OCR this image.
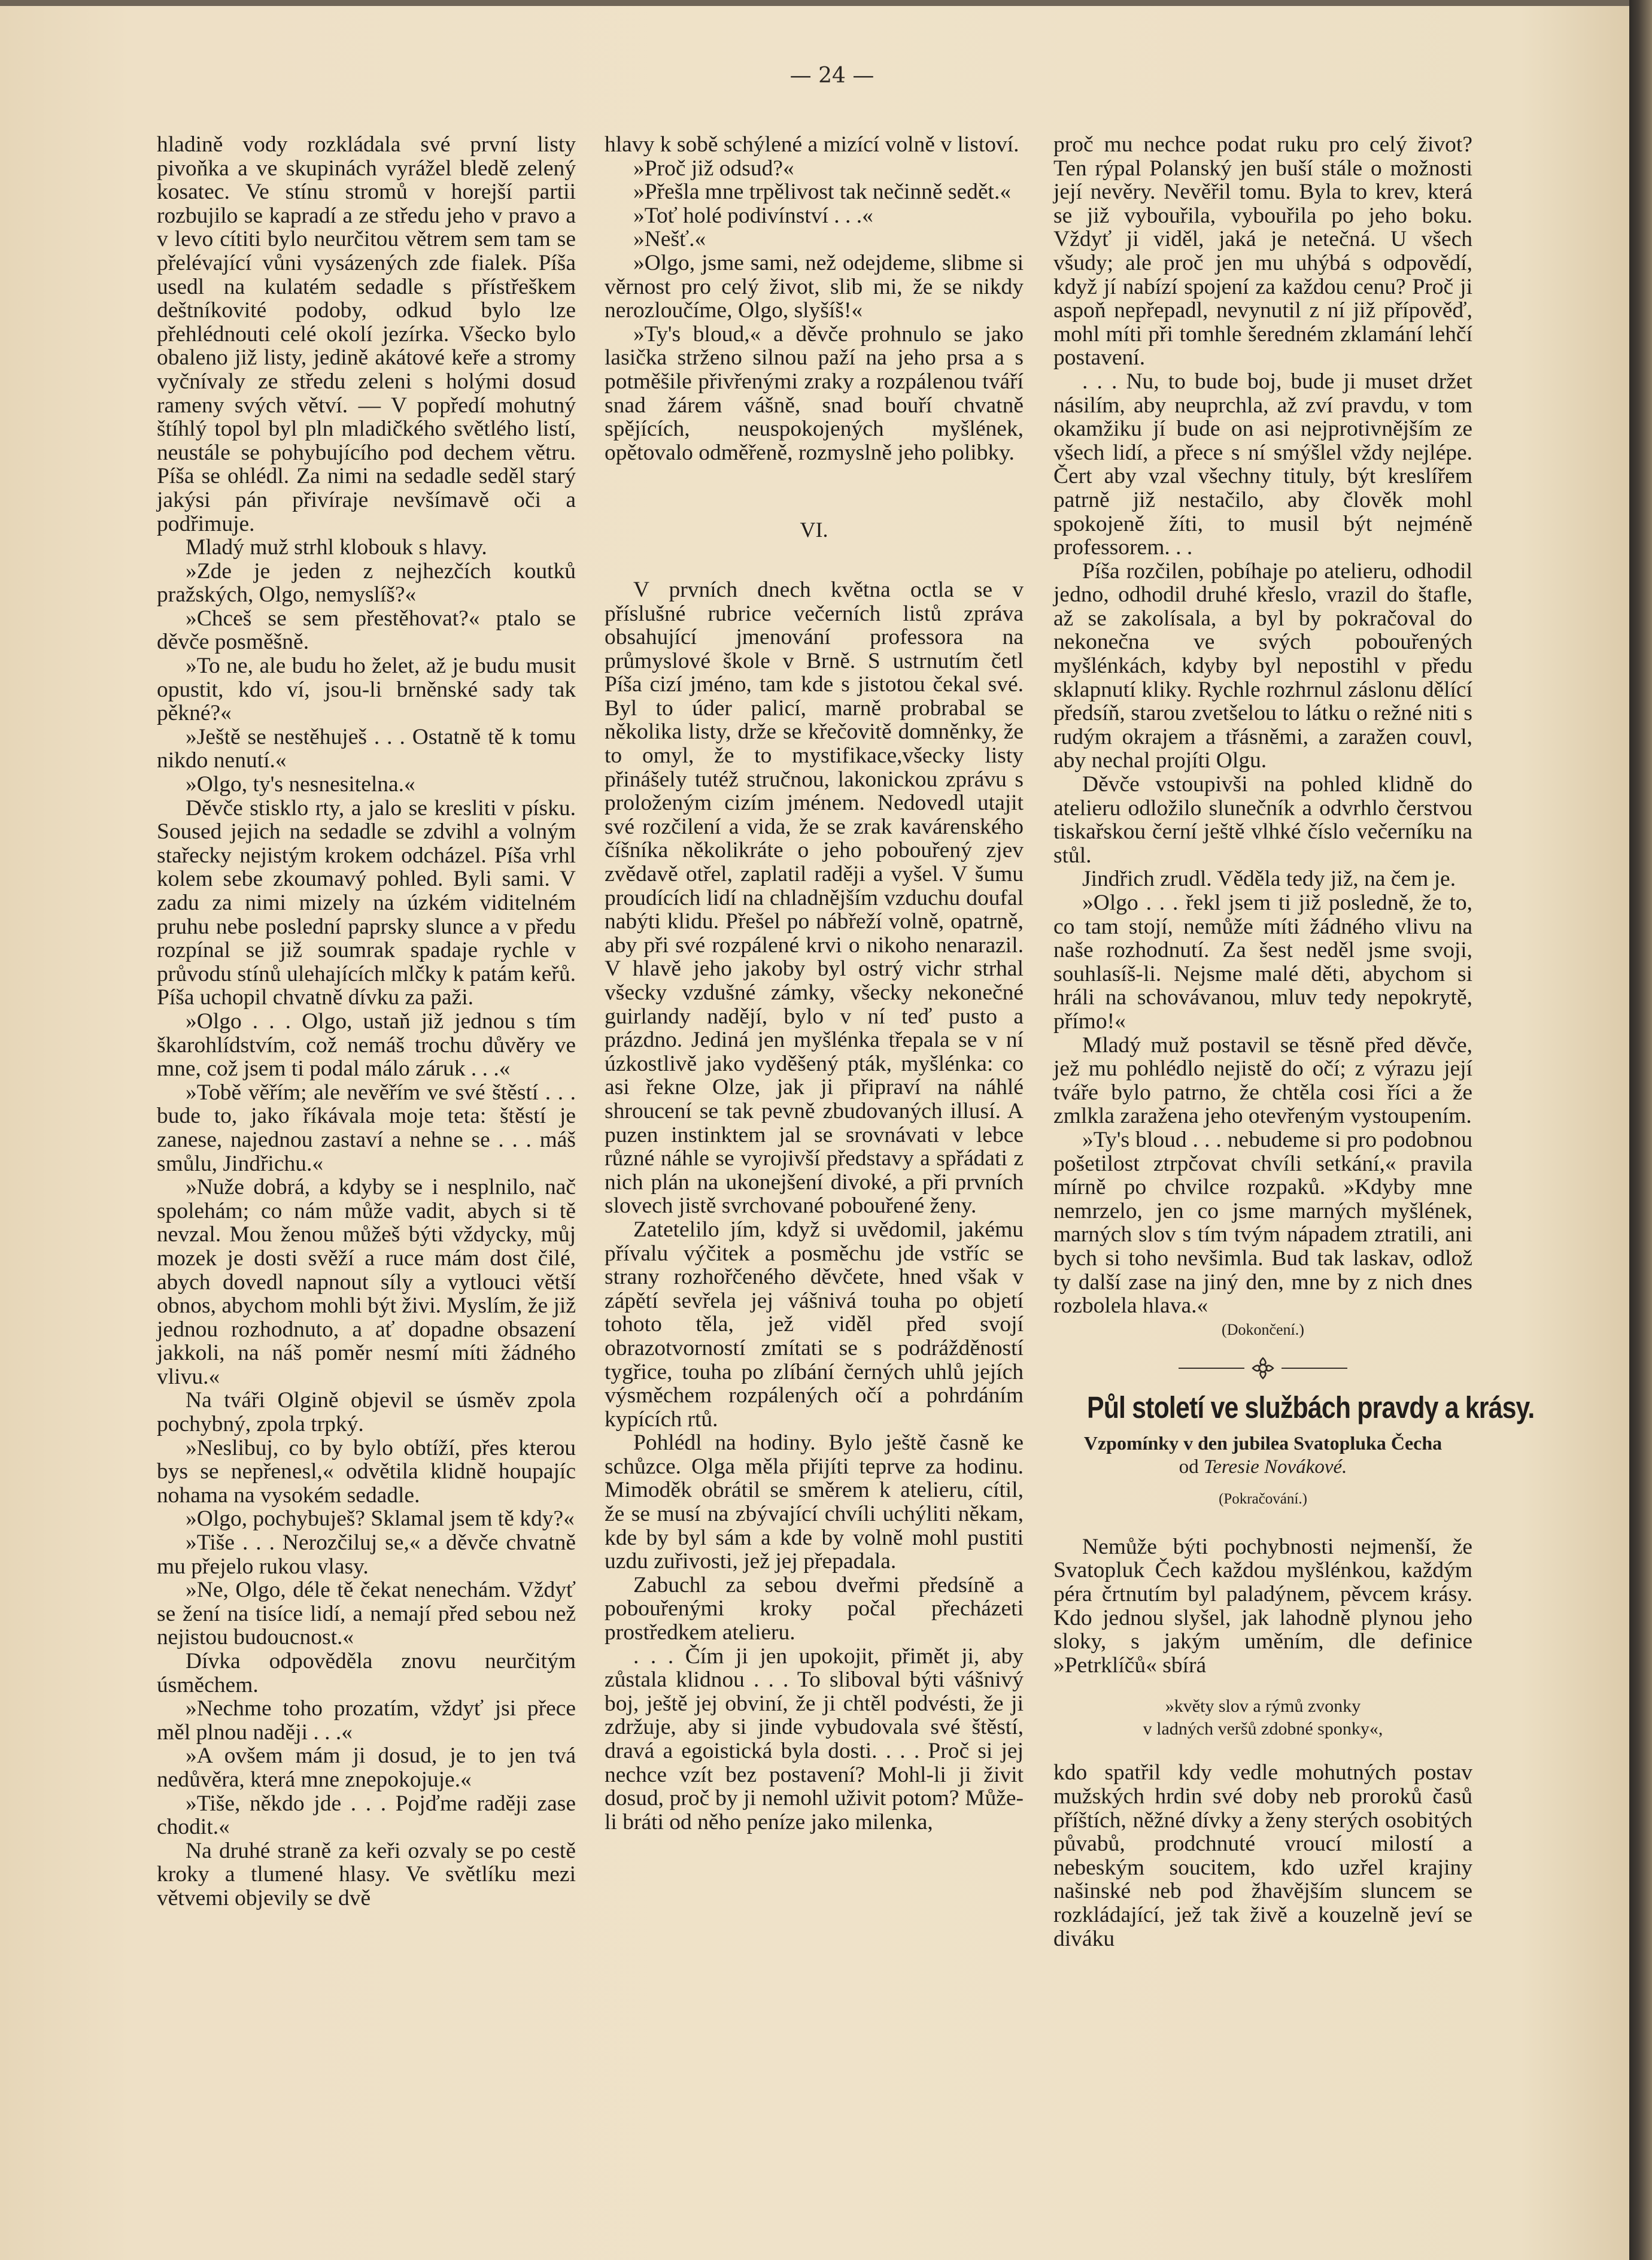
— 24 —

hladině vody rozkládala své první listy pivoňka a ve skupinách vyrážel bledě zelený kosatec. Ve stínu stromů v horejší partii rozbujilo se kapradí a ze středu jeho v pravo a v levo cítiti bylo neurčitou větrem sem tam se přelévající vůni vysázených zde fialek. Píša usedl na kulatém sedadle s přístřeškem deštníkovité podoby, odkud bylo lze přehlédnouti celé okolí jezírka. Všecko bylo obaleno již listy, jedině akátové keře a stromy vyčnívaly ze středu zeleni s holými dosud rameny svých větví. — V popředí mohutný štíhlý topol byl pln mladičkého světlého listí, neustále se pohybujícího pod dechem větru. Píša se ohlédl. Za nimi na sedadle seděl starý jakýsi pán přivíraje nevšímavě oči a podřimuje.

Mladý muž strhl klobouk s hlavy.

»Zde je jeden z nejhezčích koutků pražských, Olgo, nemyslíš?«

»Chceš se sem přestěhovat?« ptalo se děvče posměšně.

»To ne, ale budu ho želet, až je budu musit opustit, kdo ví, jsou-li brněnské sady tak pěkné?«

»Ještě se nestěhuješ . . . Ostatně tě k tomu nikdo nenutí.«

»Olgo, ty's nesnesitelna.«

Děvče stisklo rty, a jalo se kresliti v písku. Soused jejich na sedadle se zdvihl a volným stařecky nejistým krokem odcházel. Píša vrhl kolem sebe zkoumavý pohled. Byli sami. V zadu za nimi mizely na úzkém viditelném pruhu nebe poslední paprsky slunce a v předu rozpínal se již soumrak spadaje rychle v průvodu stínů ulehajících mlčky k patám keřů. Píša uchopil chvatně dívku za paži.

»Olgo . . . Olgo, ustaň již jednou s tím škarohlídstvím, což nemáš trochu důvěry ve mne, což jsem ti podal málo záruk . . .«

»Tobě věřím; ale nevěřím ve své štěstí . . . bude to, jako říkávala moje teta: štěstí je zanese, najednou zastaví a nehne se . . . máš smůlu, Jindřichu.«

»Nuže dobrá, a kdyby se i nesplnilo, nač spolehám; co nám může vadit, abych si tě nevzal. Mou ženou můžeš býti vždycky, můj mozek je dosti svěží a ruce mám dost čilé, abych dovedl napnout síly a vytlouci větší obnos, abychom mohli být živi. Myslím, že již jednou rozhodnuto, a ať dopadne obsazení jakkoli, na náš poměr nesmí míti žádného vlivu.«

Na tváři Olgině objevil se úsměv zpola pochybný, zpola trpký.

»Neslibuj, co by bylo obtíží, přes kterou bys se nepřenesl,« odvětila klidně houpajíc nohama na vysokém sedadle.

»Olgo, pochybuješ? Sklamal jsem tě kdy?«

»Tiše . . . Nerozčiluj se,« a děvče chvatně mu přejelo rukou vlasy.

»Ne, Olgo, déle tě čekat nenechám. Vždyť se žení na tisíce lidí, a nemají před sebou než nejistou budoucnost.«

Dívka odpověděla znovu neurčitým úsměchem.

»Nechme toho prozatím, vždyť jsi přece měl plnou naději . . .«

»A ovšem mám ji dosud, je to jen tvá nedůvěra, která mne znepokojuje.«

»Tiše, někdo jde . . . Pojďme raději zase chodit.«

Na druhé straně za keři ozvaly se po cestě kroky a tlumené hlasy. Ve světlíku mezi větvemi objevily se dvě

hlavy k sobě schýlené a mizící volně v listoví.

»Proč již odsud?«

»Přešla mne trpělivost tak nečinně sedět.«

»Toť holé podivínství . . .«

»Nešť.«

»Olgo, jsme sami, než odejdeme, slibme si věrnost pro celý život, slib mi, že se nikdy nerozloučíme, Olgo, slyšíš!«

»Ty's bloud,« a děvče prohnulo se jako lasička strženo silnou paží na jeho prsa a s potměšile přivřenými zraky a rozpálenou tváří snad žárem vášně, snad bouří chvatně spějících, neuspokojených myšlének, opětovalo odměřeně, rozmyslně jeho polibky.

VI.

V prvních dnech května octla se v příslušné rubrice večerních listů zpráva obsahující jmenování professora na průmyslové škole v Brně. S ustrnutím četl Píša cizí jméno, tam kde s jistotou čekal své. Byl to úder palicí, marně probrabal se několika listy, drže se křečovitě domněnky, že to omyl, že to mystifikace,všecky listy přinášely tutéž stručnou, lakonickou zprávu s proloženým cizím jménem. Nedovedl utajit své rozčilení a vida, že se zrak kavárenského číšníka několikráte o jeho pobouřený zjev zvědavě otřel, zaplatil raději a vyšel. V šumu proudících lidí na chladnějším vzduchu doufal nabýti klidu. Přešel po nábřeží volně, opatrně, aby při své rozpálené krvi o nikoho nenarazil. V hlavě jeho jakoby byl ostrý vichr strhal všecky vzdušné zámky, všecky nekonečné guirlandy nadějí, bylo v ní teď pusto a prázdno. Jediná jen myšlénka třepala se v ní úzkostlivě jako vyděšený pták, myšlénka: co asi řekne Olze, jak ji připraví na náhlé shroucení se tak pevně zbudovaných illusí. A puzen instinktem jal se srovnávati v lebce různé náhle se vyrojivší představy a spřádati z nich plán na ukonejšení divoké, a při prvních slovech jistě svrchované pobouřené ženy.

Zatetelilo jím, když si uvědomil, jakému přívalu výčitek a posměchu jde vstříc se strany rozhořčeného děvčete, hned však v zápětí sevřela jej vášnivá touha po objetí tohoto těla, jež viděl před svojí obrazotvorností zmítati se s podrážděností tygřice, touha po zlíbání černých uhlů jejích výsměchem rozpálených očí a pohrdáním kypících rtů.

Pohlédl na hodiny. Bylo ještě časně ke schůzce. Olga měla přijíti teprve za hodinu. Mimoděk obrátil se směrem k atelieru, cítil, že se musí na zbývající chvíli uchýliti někam, kde by byl sám a kde by volně mohl pustiti uzdu zuřivosti, jež jej přepadala.

Zabuchl za sebou dveřmi předsíně a pobouřenými kroky počal přecházeti prostředkem atelieru.

. . . Čím ji jen upokojit, přimět ji, aby zůstala klidnou . . . To sliboval býti vášnivý boj, ještě jej obviní, že ji chtěl podvésti, že ji zdržuje, aby si jinde vybudovala své štěstí, dravá a egoistická byla dosti. . . . Proč si jej nechce vzít bez postavení? Mohl-li ji živit dosud, proč by ji nemohl uživit potom? Může-li bráti od něho peníze jako milenka,

proč mu nechce podat ruku pro celý život? Ten rýpal Polanský jen buší stále o možnosti její nevěry. Nevěřil tomu. Byla to krev, která se již vybouřila, vybouřila po jeho boku. Vždyť ji viděl, jaká je netečná. U všech všudy; ale proč jen mu uhýbá s odpovědí, když jí nabízí spojení za každou cenu? Proč ji aspoň nepřepadl, nevynutil z ní již přípověď, mohl míti při tomhle šeredném zklamání lehčí postavení.

. . . Nu, to bude boj, bude ji muset držet násilím, aby neuprchla, až zví pravdu, v tom okamžiku jí bude on asi nejprotivnějším ze všech lidí, a přece s ní smýšlel vždy nejlépe. Čert aby vzal všechny tituly, být kreslířem patrně již nestačilo, aby člověk mohl spokojeně žíti, to musil být nejméně professorem. . .

Píša rozčilen, pobíhaje po atelieru, odhodil jedno, odhodil druhé křeslo, vrazil do štafle, až se zakolísala, a byl by pokračoval do nekonečna ve svých pobouřených myšlénkách, kdyby byl nepostihl v předu sklapnutí kliky. Rychle rozhrnul záslonu dělící předsíň, starou zvetšelou to látku o režné niti s rudým okrajem a třásněmi, a zaražen couvl, aby nechal projíti Olgu.

Děvče vstoupivši na pohled klidně do atelieru odložilo slunečník a odvrhlo čerstvou tiskařskou černí ještě vlhké číslo večerníku na stůl.

Jindřich zrudl. Věděla tedy již, na čem je.

»Olgo . . . řekl jsem ti již posledně, že to, co tam stojí, nemůže míti žádného vlivu na naše rozhodnutí. Za šest neděl jsme svoji, souhlasíš-li. Nejsme malé děti, abychom si hráli na schovávanou, mluv tedy nepokrytě, přímo!«

Mladý muž postavil se těsně před děvče, jež mu pohlédlo nejistě do očí; z výrazu její tváře bylo patrno, že chtěla cosi říci a že zmlkla zaražena jeho otevřeným vystoupením.

»Ty's bloud . . . nebudeme si pro podobnou pošetilost ztrpčovat chvíli setkání,« pravila mírně po chvilce rozpaků. »Kdyby mne nemrzelo, jen co jsme marných myšlének, marných slov s tím tvým nápadem ztratili, ani bych si toho nevšimla. Bud tak laskav, odlož ty další zase na jiný den, mne by z nich dnes rozbolela hlava.«

(Dokončení.)

Půl století ve službách pravdy a krásy.
Vzpomínky v den jubilea Svatopluka Čecha
od Teresie Novákové.
(Pokračování.)

Nemůže býti pochybnosti nejmenší, že Svatopluk Čech každou myšlénkou, každým péra črtnutím byl paladýnem, pěvcem krásy. Kdo jednou slyšel, jak lahodně plynou jeho sloky, s jakým uměním, dle definice »Petrklíčů« sbírá

»květy slov a rýmů zvonky
v ladných veršů zdobné sponky«,

kdo spatřil kdy vedle mohutných postav mužských hrdin své doby neb proroků časů příštích, něžné dívky a ženy sterých osobitých půvabů, prodchnuté vroucí milostí a nebeským soucitem, kdo uzřel krajiny našinské neb pod žhavějším sluncem se rozkládající, jež tak živě a kouzelně jeví se diváku
